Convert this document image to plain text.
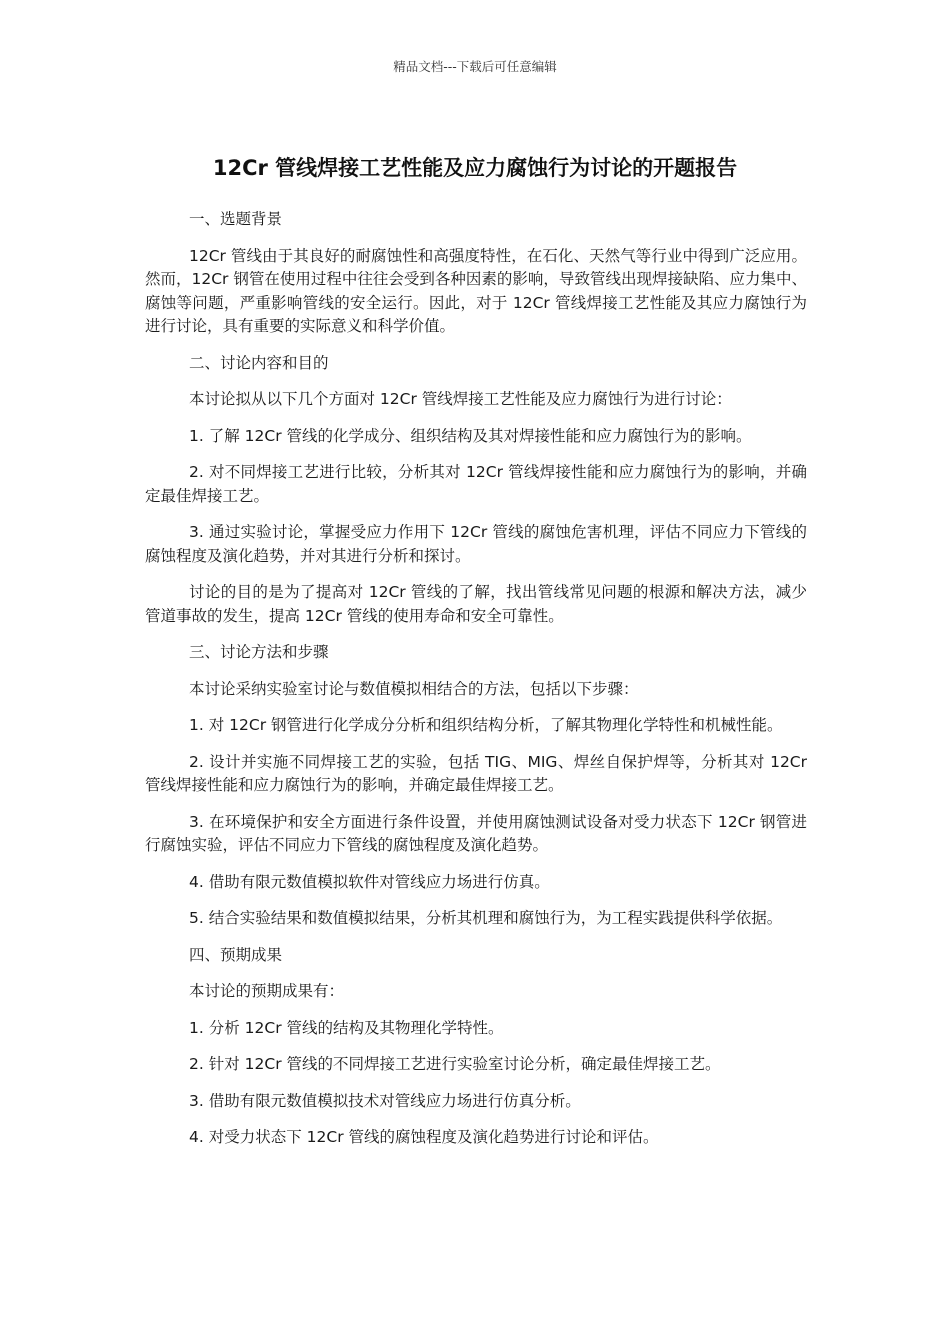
精品文档---下载后可任意编辑
12Cr 管线焊接工艺性能及应力腐蚀行为讨论的开题报告

一、选题背景

12Cr 管线由于其良好的耐腐蚀性和高强度特性，在石化、天然气等行业中得到广泛应用。然而，12Cr 钢管在使用过程中往往会受到各种因素的影响，导致管线出现焊接缺陷、应力集中、腐蚀等问题，严重影响管线的安全运行。因此，对于 12Cr 管线焊接工艺性能及其应力腐蚀行为进行讨论，具有重要的实际意义和科学价值。

二、讨论内容和目的

本讨论拟从以下几个方面对 12Cr 管线焊接工艺性能及应力腐蚀行为进行讨论：

1. 了解 12Cr 管线的化学成分、组织结构及其对焊接性能和应力腐蚀行为的影响。

2. 对不同焊接工艺进行比较，分析其对 12Cr 管线焊接性能和应力腐蚀行为的影响，并确定最佳焊接工艺。

3. 通过实验讨论，掌握受应力作用下 12Cr 管线的腐蚀危害机理，评估不同应力下管线的腐蚀程度及演化趋势，并对其进行分析和探讨。

讨论的目的是为了提高对 12Cr 管线的了解，找出管线常见问题的根源和解决方法，减少管道事故的发生，提高 12Cr 管线的使用寿命和安全可靠性。

三、讨论方法和步骤

本讨论采纳实验室讨论与数值模拟相结合的方法，包括以下步骤：

1. 对 12Cr 钢管进行化学成分分析和组织结构分析，了解其物理化学特性和机械性能。

2. 设计并实施不同焊接工艺的实验，包括 TIG、MIG、焊丝自保护焊等，分析其对 12Cr 管线焊接性能和应力腐蚀行为的影响，并确定最佳焊接工艺。

3. 在环境保护和安全方面进行条件设置，并使用腐蚀测试设备对受力状态下 12Cr 钢管进行腐蚀实验，评估不同应力下管线的腐蚀程度及演化趋势。

4. 借助有限元数值模拟软件对管线应力场进行仿真。

5. 结合实验结果和数值模拟结果，分析其机理和腐蚀行为，为工程实践提供科学依据。

四、预期成果

本讨论的预期成果有：

1. 分析 12Cr 管线的结构及其物理化学特性。

2. 针对 12Cr 管线的不同焊接工艺进行实验室讨论分析，确定最佳焊接工艺。

3. 借助有限元数值模拟技术对管线应力场进行仿真分析。

4. 对受力状态下 12Cr 管线的腐蚀程度及演化趋势进行讨论和评估。
